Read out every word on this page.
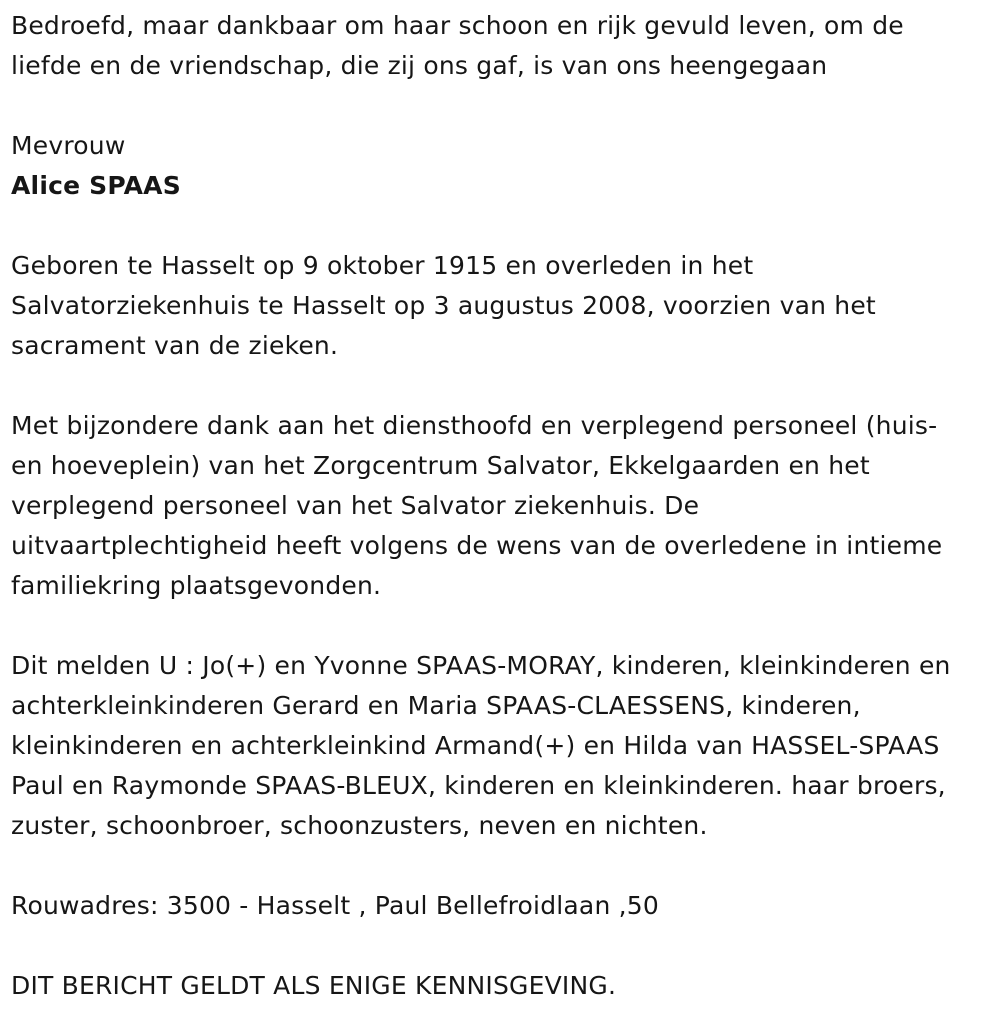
Bedroefd, maar dankbaar om haar schoon en rijk gevuld leven, om de
liefde en de vriendschap, die zij ons gaf, is van ons heengegaan

Mevrouw

Alice SPAAS

Geboren te Hasselt op 9 oktober 1915 en overleden in het
Salvatorziekenhuis te Hasselt op 3 augustus 2008, voorzien van het
sacrament van de zieken.

Met bijzondere dank aan het diensthoofd en verplegend personeel (huis-
en hoeveplein) van het Zorgcentrum Salvator, Ekkelgaarden en het
verplegend personeel van het Salvator ziekenhuis. De
uitvaartplechtigheid heeft volgens de wens van de overledene in intieme
familiekring plaatsgevonden.

Dit melden U : Jo(+) en Yvonne SPAAS-MORAY, kinderen, kleinkinderen en
achterkleinkinderen Gerard en Maria SPAAS-CLAESSENS, kinderen,
kleinkinderen en achterkleinkind Armand(+) en Hilda van HASSEL-SPAAS
Paul en Raymonde SPAAS-BLEUX, kinderen en kleinkinderen. haar broers,
zuster, schoonbroer, schoonzusters, neven en nichten.

Rouwadres: 3500 - Hasselt , Paul Bellefroidlaan ,50

DIT BERICHT GELDT ALS ENIGE KENNISGEVING.
